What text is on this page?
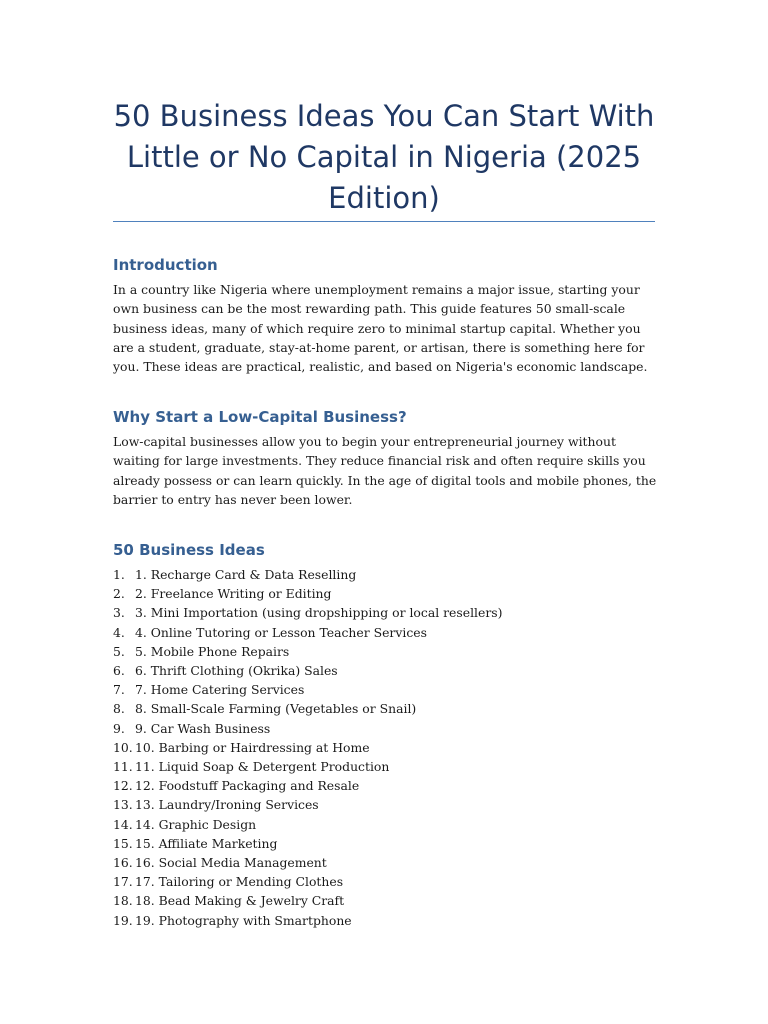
50 Business Ideas You Can Start With Little or No Capital in Nigeria (2025 Edition)
Introduction

In a country like Nigeria where unemployment remains a major issue, starting your own business can be the most rewarding path. This guide features 50 small-scale business ideas, many of which require zero to minimal startup capital. Whether you are a student, graduate, stay-at-home parent, or artisan, there is something here for you. These ideas are practical, realistic, and based on Nigeria's economic landscape.

Why Start a Low-Capital Business?

Low-capital businesses allow you to begin your entrepreneurial journey without waiting for large investments. They reduce financial risk and often require skills you already possess or can learn quickly. In the age of digital tools and mobile phones, the barrier to entry has never been lower.

50 Business Ideas
1. 1. Recharge Card & Data Reselling
2. 2. Freelance Writing or Editing
3. 3. Mini Importation (using dropshipping or local resellers)
4. 4. Online Tutoring or Lesson Teacher Services
5. 5. Mobile Phone Repairs
6. 6. Thrift Clothing (Okrika) Sales
7. 7. Home Catering Services
8. 8. Small-Scale Farming (Vegetables or Snail)
9. 9. Car Wash Business
10. 10. Barbing or Hairdressing at Home
11. 11. Liquid Soap & Detergent Production
12. 12. Foodstuff Packaging and Resale
13. 13. Laundry/Ironing Services
14. 14. Graphic Design
15. 15. Affiliate Marketing
16. 16. Social Media Management
17. 17. Tailoring or Mending Clothes
18. 18. Bead Making & Jewelry Craft
19. 19. Photography with Smartphone
